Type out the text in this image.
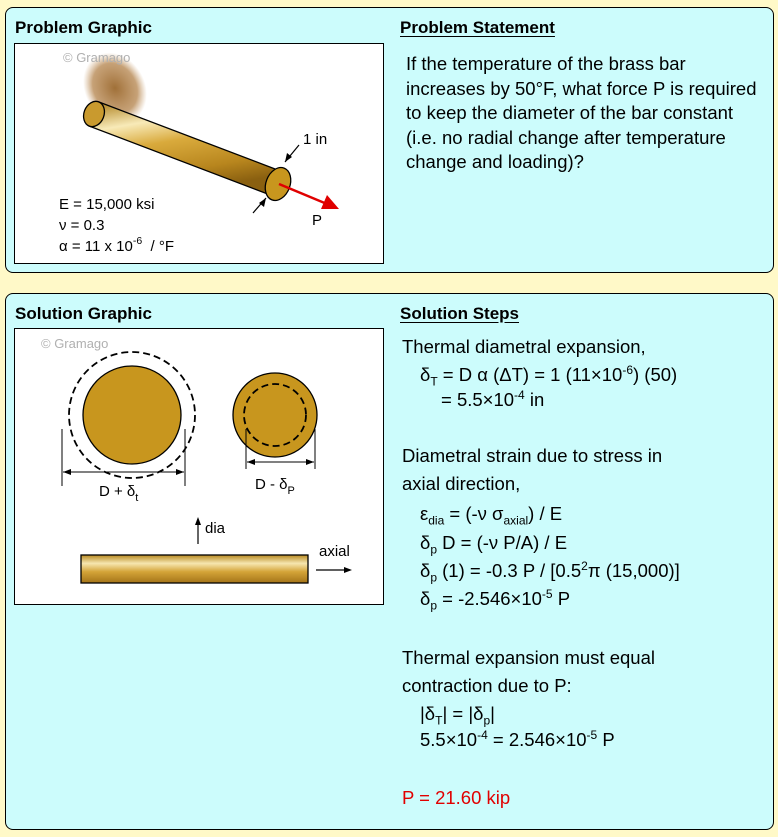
Problem Graphic	Problem Statement
© Gramago
1 in
P
E = 15,000 ksi
ν = 0.3
α = 11 x $10^{-6} / ^\circ F$
If the temperature of the brass bar increases by 50°F, what force P is required to keep the diameter of the bar constant (i.e. no radial change after temperature change and loading)?
Solution Graphic	Solution Steps
© Gramago
$D + \delta_t$
D - $\delta_P$
dia
axial
Thermal diametral expansion,
$\delta_T = D$ α (ΔT) = 1 $(11\times 10^{-6})$ (50)
= $5.5\times 10^{-4}$ in
Diametral strain due to stress in
axial direction,
$\varepsilon_{dia} = (-\nu$ $\sigma_{axial}$) / E
$\delta_p$ D = (-ν P/A) / E
$\delta_p$ (1) = -0.3 P / [$0.5^2\pi$ (15,000)]
$\delta_p = -2.546\times 10^{-5}$ P
Thermal expansion must equal
contraction due to P:
$|\delta_T| = |\delta_p|$
$5.5\times 10^{-4} = 2.546\times 10^{-5}$ P
P = 21.60 kip
